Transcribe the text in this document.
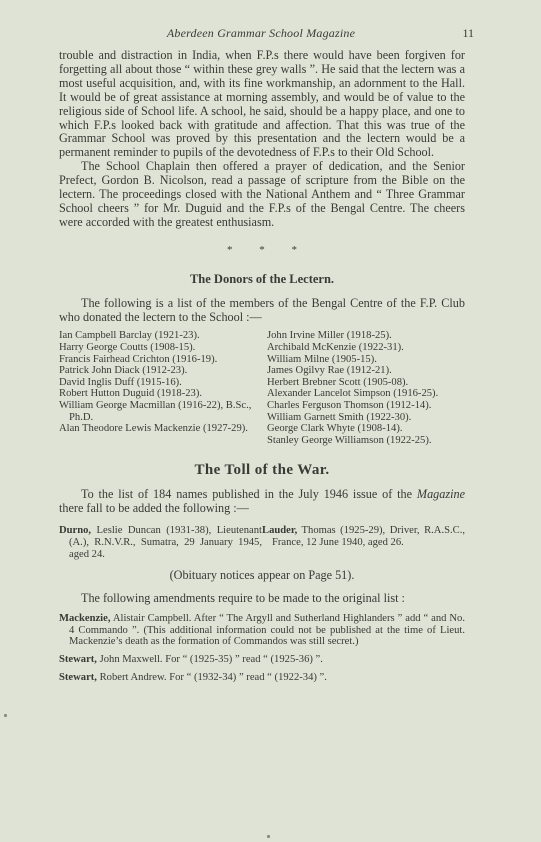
Aberdeen Grammar School Magazine	11

trouble and distraction in India, when F.P.s there would have been forgiven for forgetting all about those “ within these grey walls ”. He said that the lectern was a most useful acquisition, and, with its fine workmanship, an adornment to the Hall. It would be of great assistance at morning assembly, and would be of value to the religious side of School life. A school, he said, should be a happy place, and one to which F.P.s looked back with gratitude and affection. That this was true of the Grammar School was proved by this presentation and the lectern would be a permanent reminder to pupils of the devotedness of F.P.s to their Old School.

The School Chaplain then offered a prayer of dedication, and the Senior Prefect, Gordon B. Nicolson, read a passage of scripture from the Bible on the lectern. The proceedings closed with the National Anthem and “ Three Grammar School cheers ” for Mr. Duguid and the F.P.s of the Bengal Centre. The cheers were accorded with the greatest enthusiasm.

* * *

The Donors of the Lectern.

The following is a list of the members of the Bengal Centre of the F.P. Club who donated the lectern to the School :—

Ian Campbell Barclay (1921-23).
Harry George Coutts (1908-15).
Francis Fairhead Crichton (1916-19).
Patrick John Diack (1912-23).
David Inglis Duff (1915-16).
Robert Hutton Duguid (1918-23).
William George Macmillan (1916-22), B.Sc., Ph.D.
Alan Theodore Lewis Mackenzie (1927-29).
John Irvine Miller (1918-25).
Archibald McKenzie (1922-31).
William Milne (1905-15).
James Ogilvy Rae (1912-21).
Herbert Brebner Scott (1905-08).
Alexander Lancelot Simpson (1916-25).
Charles Ferguson Thomson (1912-14).
William Garnett Smith (1922-30).
George Clark Whyte (1908-14).
Stanley George Williamson (1922-25).

The Toll of the War.

To the list of 184 names published in the July 1946 issue of the Magazine there fall to be added the following :—

Durno, Leslie Duncan (1931-38), Lieutenant (A.), R.N.V.R., Sumatra, 29 January 1945, aged 24.
Lauder, Thomas (1925-29), Driver, R.A.S.C., France, 12 June 1940, aged 26.

(Obituary notices appear on Page 51).

The following amendments require to be made to the original list :

Mackenzie, Alistair Campbell. After “ The Argyll and Sutherland Highlanders ” add “ and No. 4 Commando ”. (This additional information could not be published at the time of Lieut. Mackenzie’s death as the formation of Commandos was still secret.)

Stewart, John Maxwell. For “ (1925-35) ” read “ (1925-36) ”.

Stewart, Robert Andrew. For “ (1932-34) ” read “ (1922-34) ”.
